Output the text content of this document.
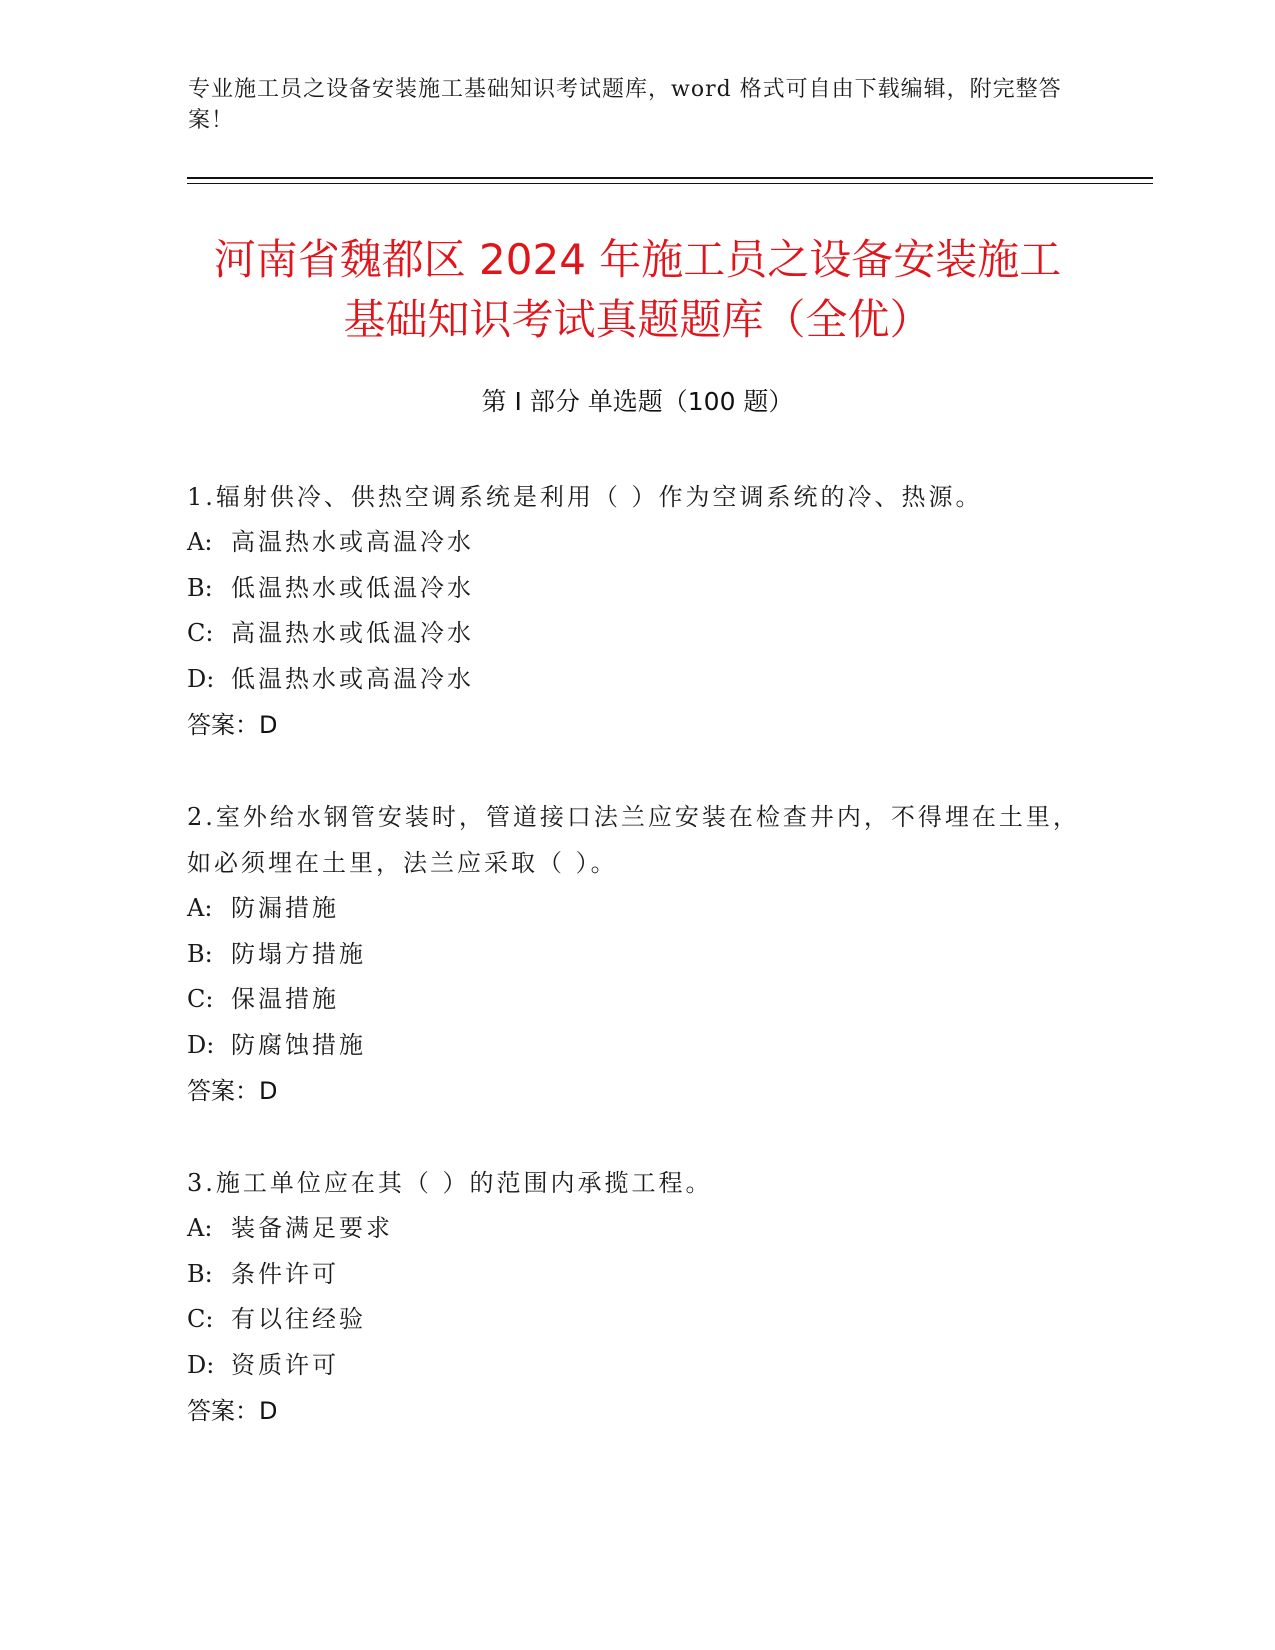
专业施工员之设备安装施工基础知识考试题库，word 格式可自由下载编辑，附完整答案！
河南省魏都区 2024 年施工员之设备安装施工
基础知识考试真题题库（全优）
第 I 部分 单选题（100 题）

1.辐射供冷、供热空调系统是利用（ ）作为空调系统的冷、热源。

A: 高温热水或高温冷水
B: 低温热水或低温冷水
C: 高温热水或低温冷水
D: 低温热水或高温冷水
答案：D

2.室外给水钢管安装时，管道接口法兰应安装在检查井内，不得埋在土里，如必须埋在土里，法兰应采取（ ）。

A: 防漏措施
B: 防塌方措施
C: 保温措施
D: 防腐蚀措施
答案：D

3.施工单位应在其（ ）的范围内承揽工程。

A: 装备满足要求
B: 条件许可
C: 有以往经验
D: 资质许可
答案：D
